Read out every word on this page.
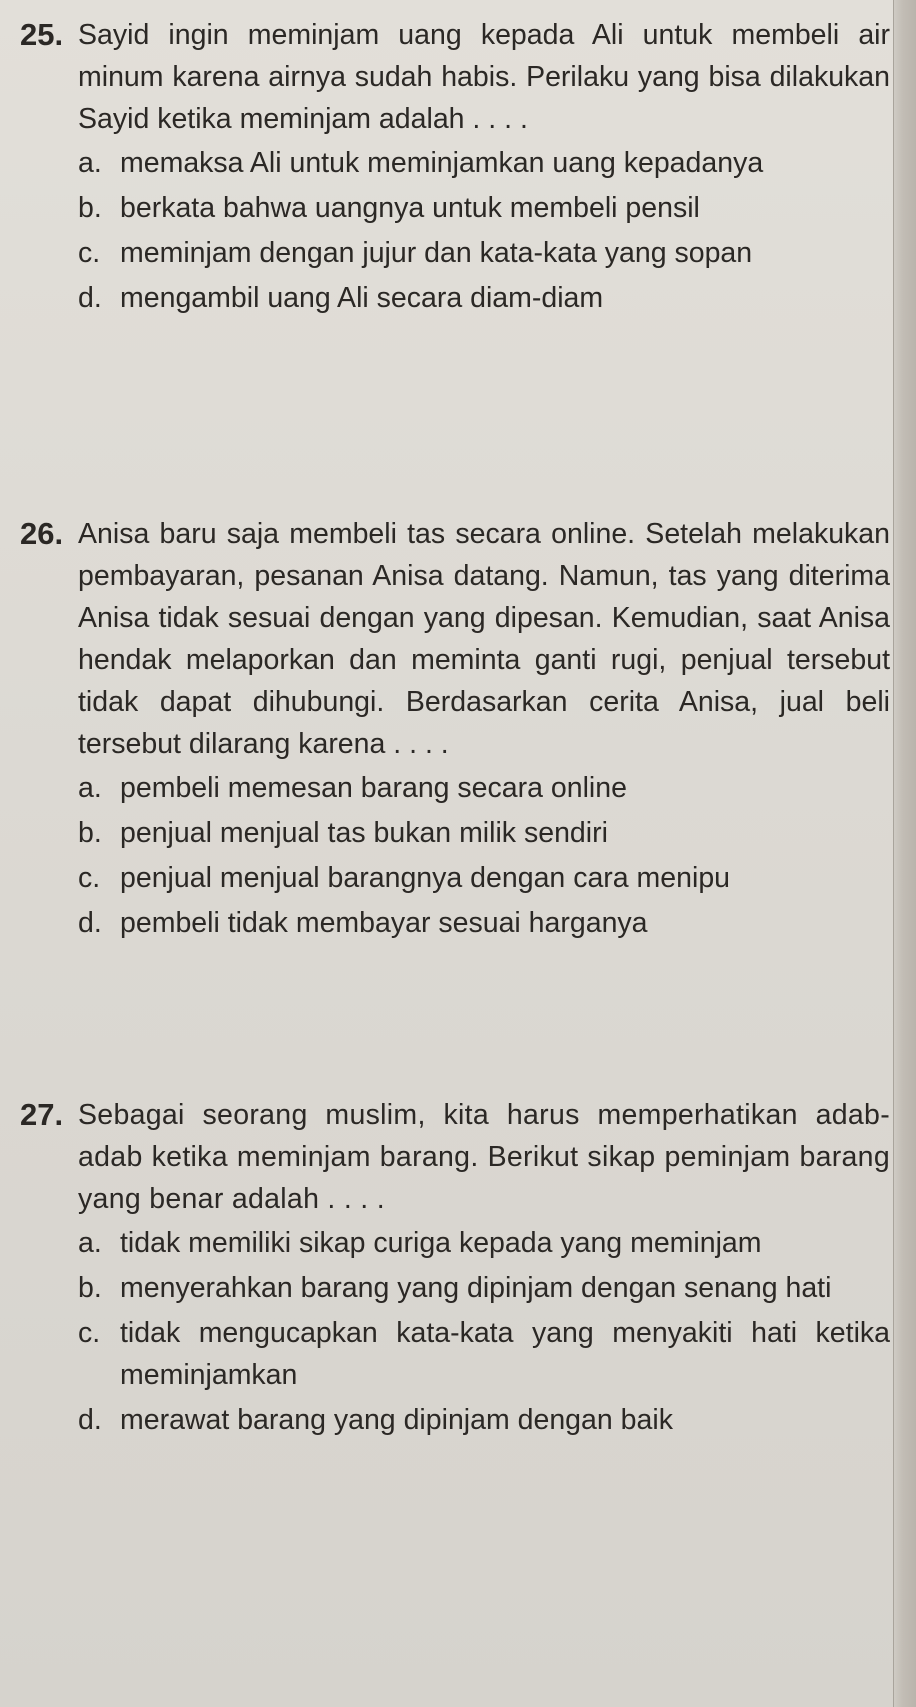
25. Sayid ingin meminjam uang kepada Ali untuk membeli air minum karena airnya sudah habis. Perilaku yang bisa dilakukan Sayid ketika meminjam adalah . . . .
a. memaksa Ali untuk meminjamkan uang kepadanya
b. berkata bahwa uangnya untuk membeli pensil
c. meminjam dengan jujur dan kata-kata yang sopan
d. mengambil uang Ali secara diam-diam
26. Anisa baru saja membeli tas secara online. Setelah melakukan pembayaran, pesanan Anisa datang. Namun, tas yang diterima Anisa tidak sesuai dengan yang dipesan. Kemudian, saat Anisa hendak melaporkan dan meminta ganti rugi, penjual tersebut tidak dapat dihubungi. Berdasarkan cerita Anisa, jual beli tersebut dilarang karena . . . .
a. pembeli memesan barang secara online
b. penjual menjual tas bukan milik sendiri
c. penjual menjual barangnya dengan cara menipu
d. pembeli tidak membayar sesuai harganya
27. Sebagai seorang muslim, kita harus memperhatikan adab-adab ketika meminjam barang. Berikut sikap peminjam barang yang benar adalah . . . .
a. tidak memiliki sikap curiga kepada yang meminjam
b. menyerahkan barang yang dipinjam dengan senang hati
c. tidak mengucapkan kata-kata yang menyakiti hati ketika meminjamkan
d. merawat barang yang dipinjam dengan baik
